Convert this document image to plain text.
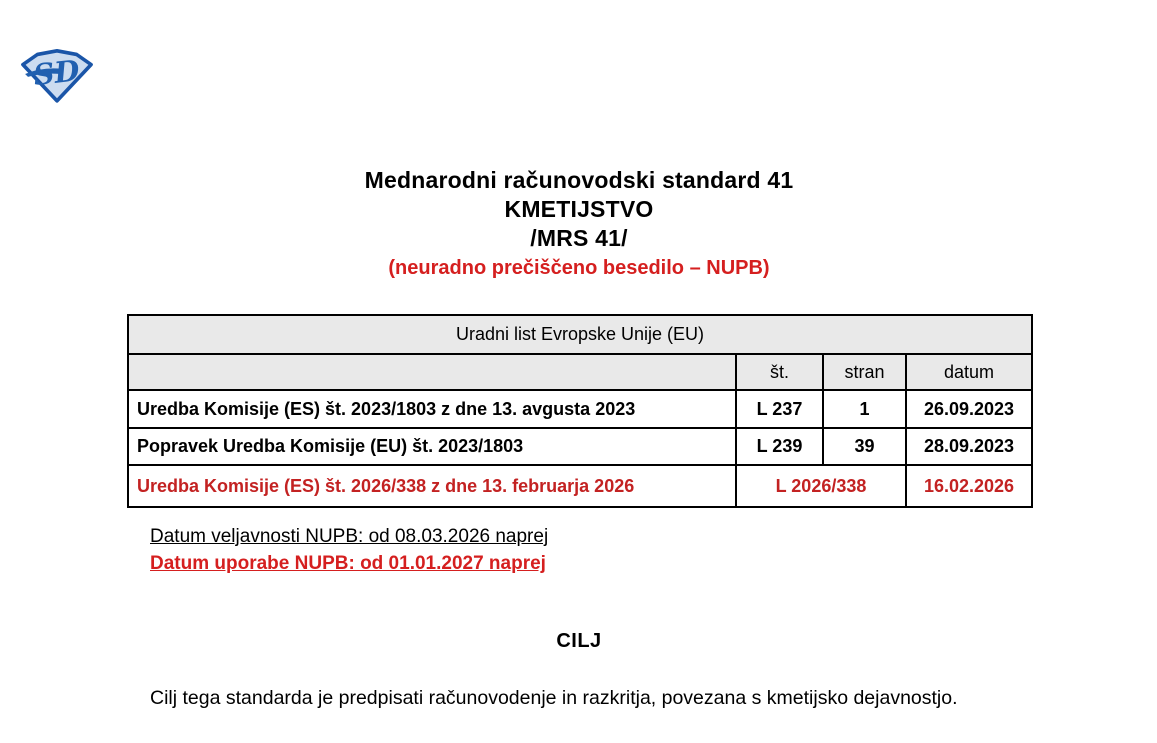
SD
Mednarodni računovodski standard 41
KMETIJSTVO
/MRS 41/
(neuradno prečiščeno besedilo – NUPB)
Uradni list Evropske Unije (EU)			
	št.	stran	datum
Uredba Komisije (ES) št. 2023/1803 z dne 13. avgusta 2023	L 237	1	26.09.2023
Popravek Uredba Komisije (EU) št. 2023/1803	L 239	39	28.09.2023
Uredba Komisije (ES) št. 2026/338 z dne 13. februarja 2026	L 2026/338		16.02.2026
Datum veljavnosti NUPB: od 08.03.2026 naprej
Datum uporabe NUPB: od 01.01.2027 naprej
CILJ

Cilj tega standarda je predpisati računovodenje in razkritja, povezana s kmetijsko dejavnostjo.
